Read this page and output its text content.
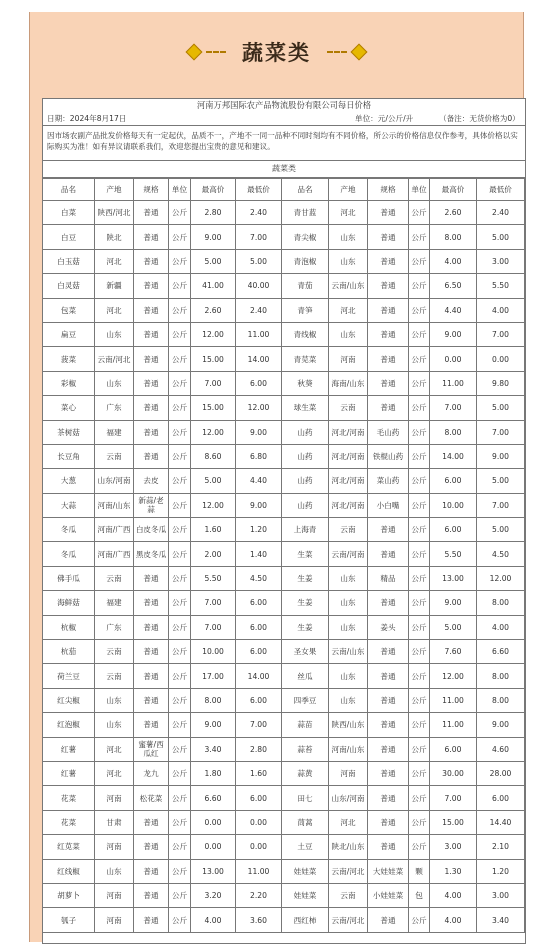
蔬菜类
河南万邦国际农产品物流股份有限公司每日价格
日期：2024年8月17日	单位：元/公斤/升	（备注：无货价格为0）
因市场农副产品批发价格每天有一定起伏，品质不一，产地不一同一品种不同时刻均有不同价格，所公示的价格信息仅作参考，具体价格以实际购买为准！如有异议请联系我们，欢迎您提出宝贵的意见和建议。
蔬菜类
品名	产地	规格	单位	最高价	最低价	品名	产地	规格	单位	最高价	最低价
白菜	陕西/河北	普通	公斤	2.80	2.40	青甘蓝	河北	普通	公斤	2.60	2.40
白豆	陕北	普通	公斤	9.00	7.00	青尖椒	山东	普通	公斤	8.00	5.00
白玉菇	河北	普通	公斤	5.00	5.00	青泡椒	山东	普通	公斤	4.00	3.00
白灵菇	新疆	普通	公斤	41.00	40.00	青茄	云南/山东	普通	公斤	6.50	5.50
包菜	河北	普通	公斤	2.60	2.40	青笋	河北	普通	公斤	4.40	4.00
扁豆	山东	普通	公斤	12.00	11.00	青线椒	山东	普通	公斤	9.00	7.00
菠菜	云南/河北	普通	公斤	15.00	14.00	青苋菜	河南	普通	公斤	0.00	0.00
彩椒	山东	普通	公斤	7.00	6.00	秋葵	海南/山东	普通	公斤	11.00	9.80
菜心	广东	普通	公斤	15.00	12.00	球生菜	云南	普通	公斤	7.00	5.00
茶树菇	福建	普通	公斤	12.00	9.00	山药	河北/河南	毛山药	公斤	8.00	7.00
长豆角	云南	普通	公斤	8.60	6.80	山药	河北/河南	铁棍山药	公斤	14.00	9.00
大葱	山东/河南	去皮	公斤	5.00	4.40	山药	河北/河南	菜山药	公斤	6.00	5.00
大蒜	河南/山东	新蒜/老蒜	公斤	12.00	9.00	山药	河北/河南	小白嘴	公斤	10.00	7.00
冬瓜	河南/广西	白皮冬瓜	公斤	1.60	1.20	上海青	云南	普通	公斤	6.00	5.00
冬瓜	河南/广西	黑皮冬瓜	公斤	2.00	1.40	生菜	云南/河南	普通	公斤	5.50	4.50
佛手瓜	云南	普通	公斤	5.50	4.50	生姜	山东	精品	公斤	13.00	12.00
海鲜菇	福建	普通	公斤	7.00	6.00	生姜	山东	普通	公斤	9.00	8.00
杭椒	广东	普通	公斤	7.00	6.00	生姜	山东	姜头	公斤	5.00	4.00
杭茄	云南	普通	公斤	10.00	6.00	圣女果	云南/山东	普通	公斤	7.60	6.60
荷兰豆	云南	普通	公斤	17.00	14.00	丝瓜	山东	普通	公斤	12.00	8.00
红尖椒	山东	普通	公斤	8.00	6.00	四季豆	山东	普通	公斤	11.00	8.00
红泡椒	山东	普通	公斤	9.00	7.00	蒜苗	陕西/山东	普通	公斤	11.00	9.00
红薯	河北	蜜薯/西瓜红	公斤	3.40	2.80	蒜苔	河南/山东	普通	公斤	6.00	4.60
红薯	河北	龙九	公斤	1.80	1.60	蒜黄	河南	普通	公斤	30.00	28.00
花菜	河南	松花菜	公斤	6.60	6.00	田七	山东/河南	普通	公斤	7.00	6.00
花菜	甘肃	普通	公斤	0.00	0.00	茼蒿	河北	普通	公斤	15.00	14.40
红苋菜	河南	普通	公斤	0.00	0.00	土豆	陕北/山东	普通	公斤	3.00	2.10
红线椒	山东	普通	公斤	13.00	11.00	娃娃菜	云南/河北	大娃娃菜	颗	1.30	1.20
胡萝卜	河南	普通	公斤	3.20	2.20	娃娃菜	云南	小娃娃菜	包	4.00	3.00
瓠子	河南	普通	公斤	4.00	3.60	西红柿	云南/河北	普通	公斤	4.00	3.40
